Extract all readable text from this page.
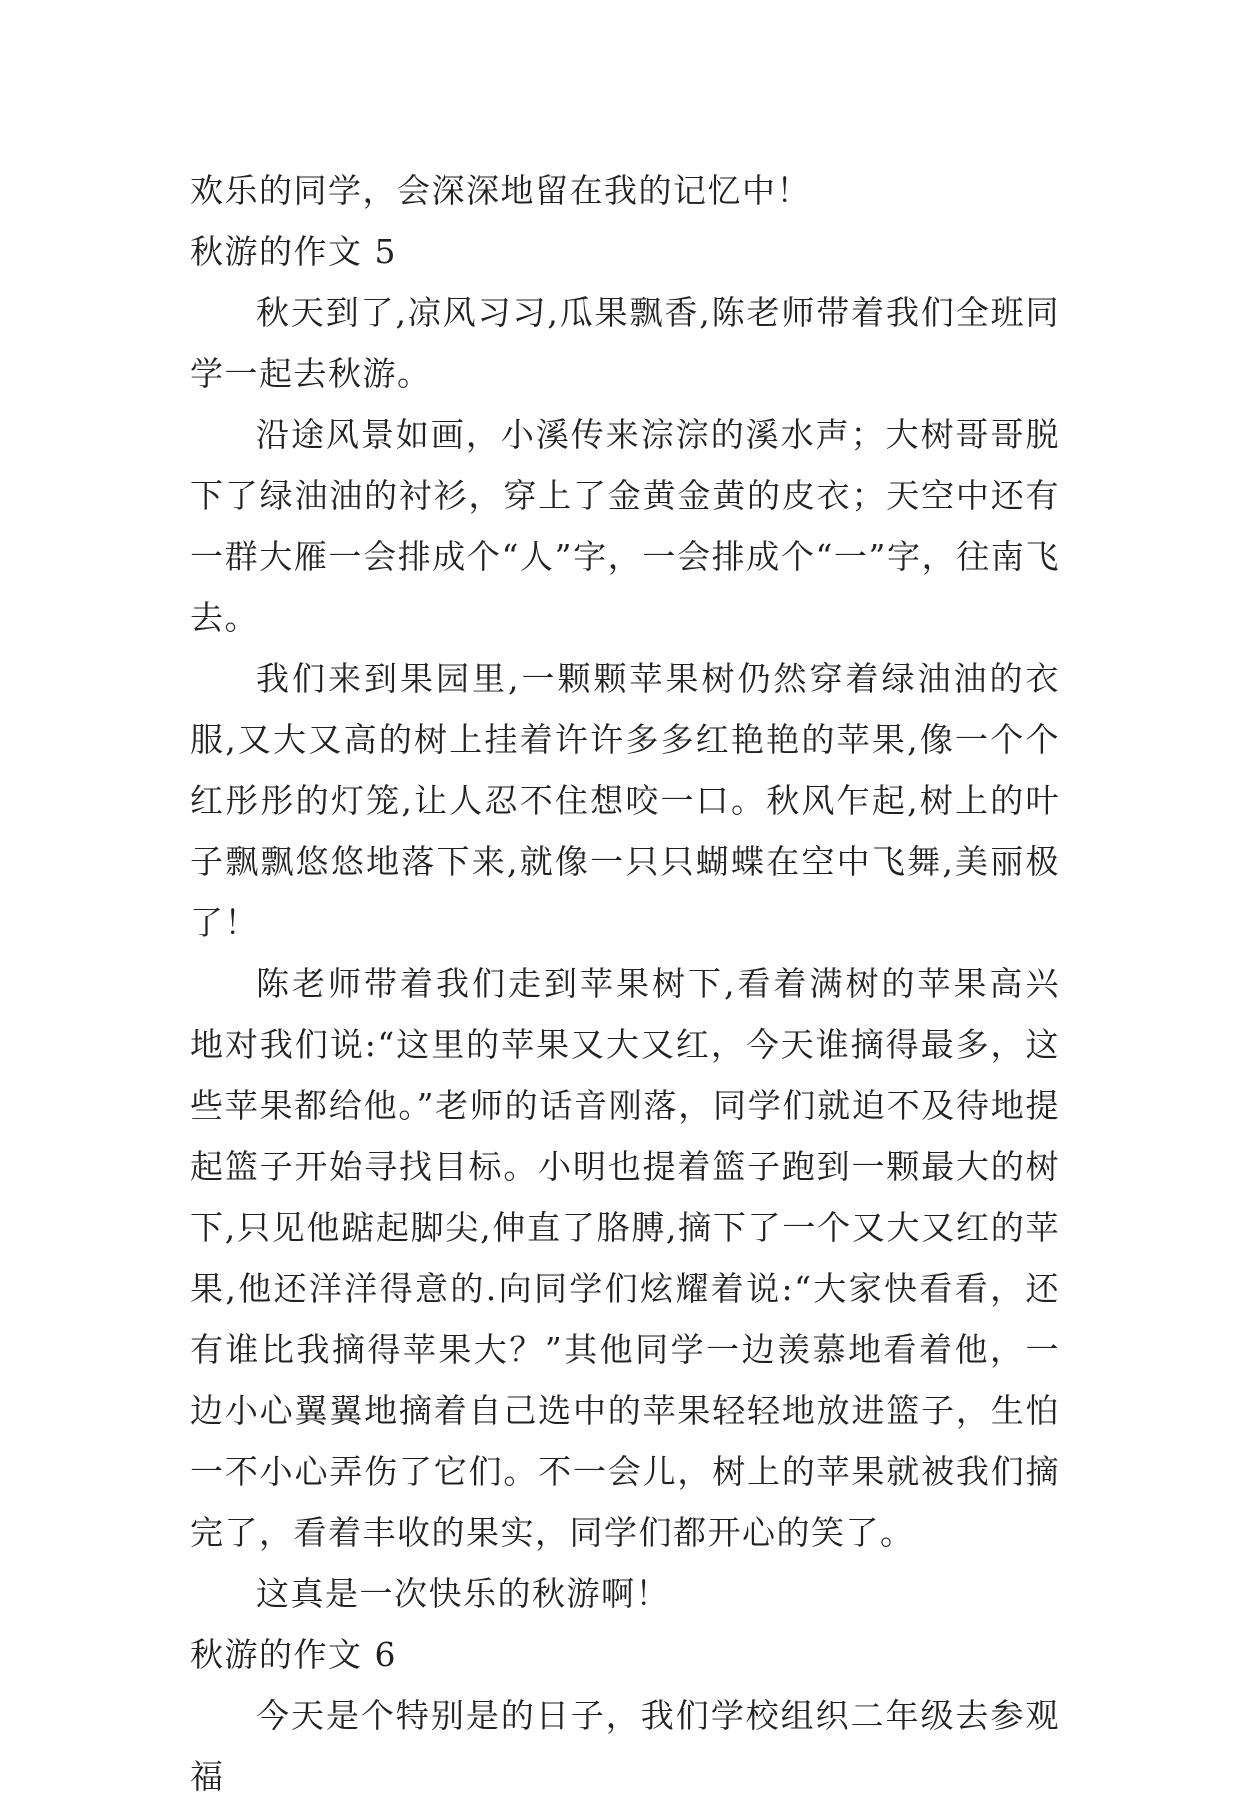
欢乐的同学，会深深地留在我的记忆中！

秋游的作文 5

秋天到了,凉风习习,瓜果飘香,陈老师带着我们全班同学一起去秋游。

沿途风景如画，小溪传来淙淙的溪水声；大树哥哥脱下了绿油油的衬衫，穿上了金黄金黄的皮衣；天空中还有一群大雁一会排成个“人”字，一会排成个“一”字，往南飞去。

我们来到果园里,一颗颗苹果树仍然穿着绿油油的衣服,又大又高的树上挂着许许多多红艳艳的苹果,像一个个红彤彤的灯笼,让人忍不住想咬一口。秋风乍起,树上的叶子飘飘悠悠地落下来,就像一只只蝴蝶在空中飞舞,美丽极了！

陈老师带着我们走到苹果树下,看着满树的苹果高兴地对我们说:“这里的苹果又大又红，今天谁摘得最多，这些苹果都给他。”老师的话音刚落，同学们就迫不及待地提起篮子开始寻找目标。小明也提着篮子跑到一颗最大的树下,只见他踮起脚尖,伸直了胳膊,摘下了一个又大又红的苹果,他还洋洋得意的.向同学们炫耀着说:“大家快看看，还有谁比我摘得苹果大？”其他同学一边羡慕地看着他，一边小心翼翼地摘着自己选中的苹果轻轻地放进篮子，生怕一不小心弄伤了它们。不一会儿，树上的苹果就被我们摘完了，看着丰收的果实，同学们都开心的笑了。

这真是一次快乐的秋游啊！

秋游的作文 6

今天是个特别是的日子，我们学校组织二年级去参观福
